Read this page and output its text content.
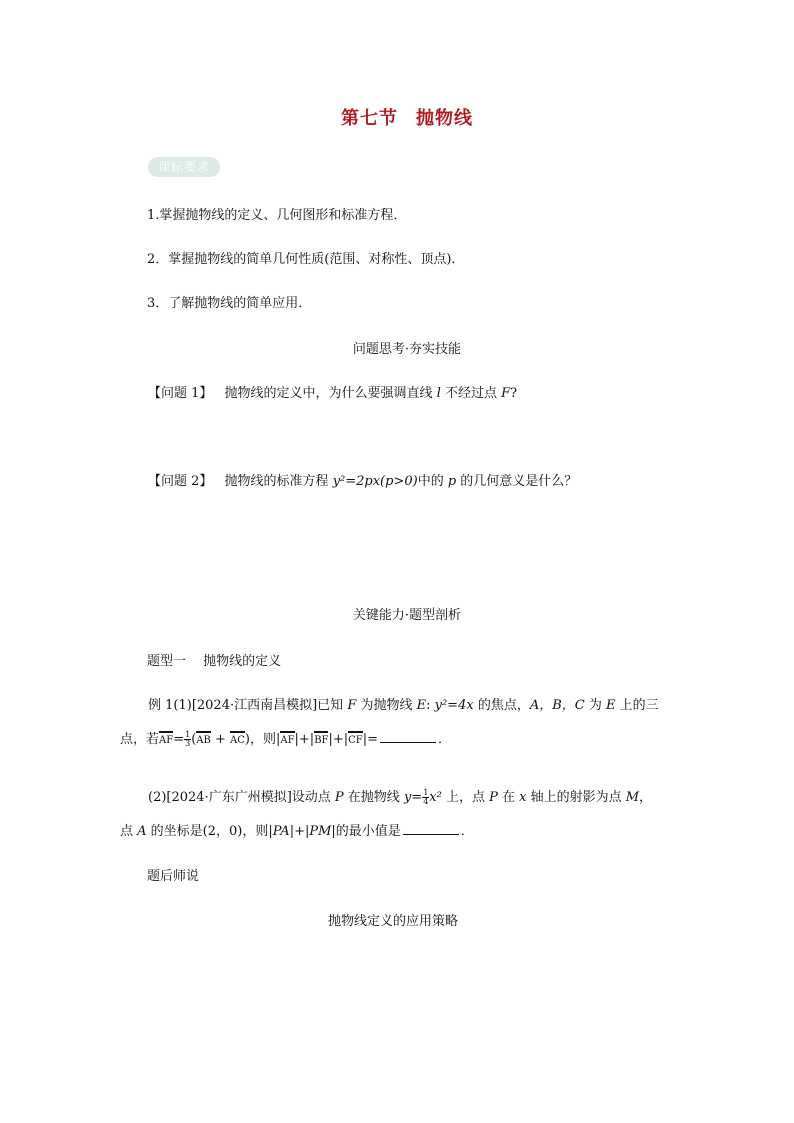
第七节 抛物线
课标要求
1.掌握抛物线的定义、几何图形和标准方程．
2．掌握抛物线的简单几何性质(范围、对称性、顶点)．
3．了解抛物线的简单应用．
问题思考·夯实技能
【问题 1】 抛物线的定义中，为什么要强调直线 l 不经过点 F?
【问题 2】 抛物线的标准方程 y²=2px(p>0)中的 p 的几何意义是什么？
关键能力·题型剖析
题型一　 抛物线的定义
例 1(1)[2024·江西南昌模拟]已知 F 为抛物线 E: y²=4x 的焦点，A，B，C 为 E 上的三
点，若
$AF= \frac{1}{3}$ (
AB +
AC)，则|
AF|+|
BF|+|
CF|=	．
(2)[2024·广东广州模拟]设动点 P 在抛物线 $y= \frac{1}{4} x^2$ 上，点 P 在 x 轴上的射影为点 M，
点 A 的坐标是(2，0)，则|PA|+|PM|的最小值是	．
题后师说
抛物线定义的应用策略
